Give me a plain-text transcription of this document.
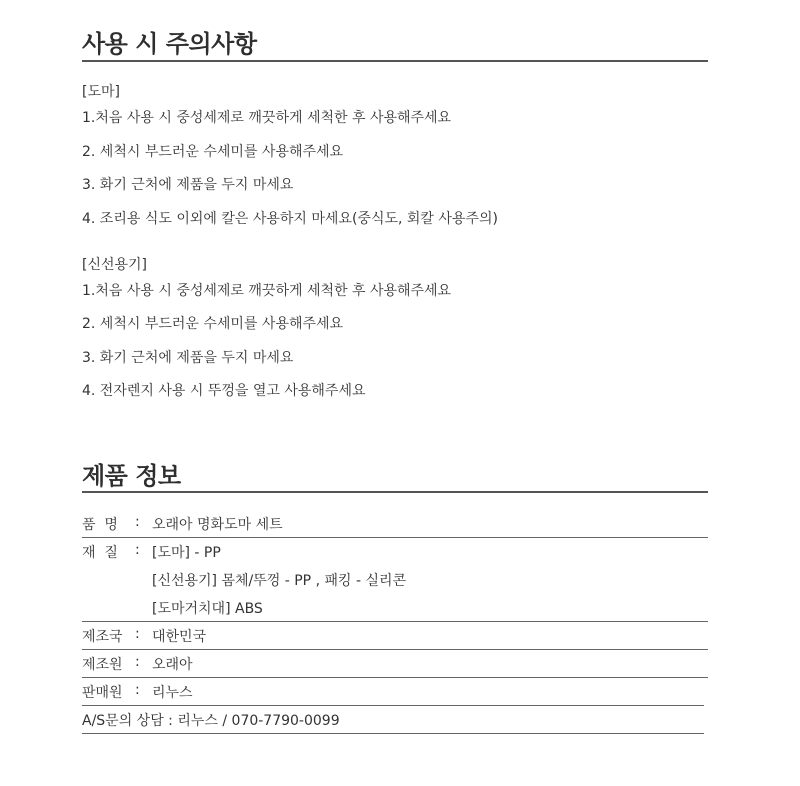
사용 시 주의사항
[도마]
1.처음 사용 시 중성세제로 깨끗하게 세척한 후 사용해주세요
2. 세척시 부드러운 수세미를 사용해주세요
3. 화기 근처에 제품을 두지 마세요
4. 조리용 식도 이외에 칼은 사용하지 마세요(중식도, 회칼 사용주의)
[신선용기]
1.처음 사용 시 중성세제로 깨끗하게 세척한 후 사용해주세요
2. 세척시 부드러운 수세미를 사용해주세요
3. 화기 근처에 제품을 두지 마세요
4. 전자렌지 사용 시 뚜껑을 열고 사용해주세요
제품 정보
품  명 : 오래아 명화도마 세트
재  질 : [도마] - PP
[신선용기] 몸체/뚜껑 - PP , 패킹 - 실리콘
[도마거치대] ABS
제조국 : 대한민국
제조원 : 오래아
판매원 : 리누스
A/S문의 상담 : 리누스 / 070-7790-0099
